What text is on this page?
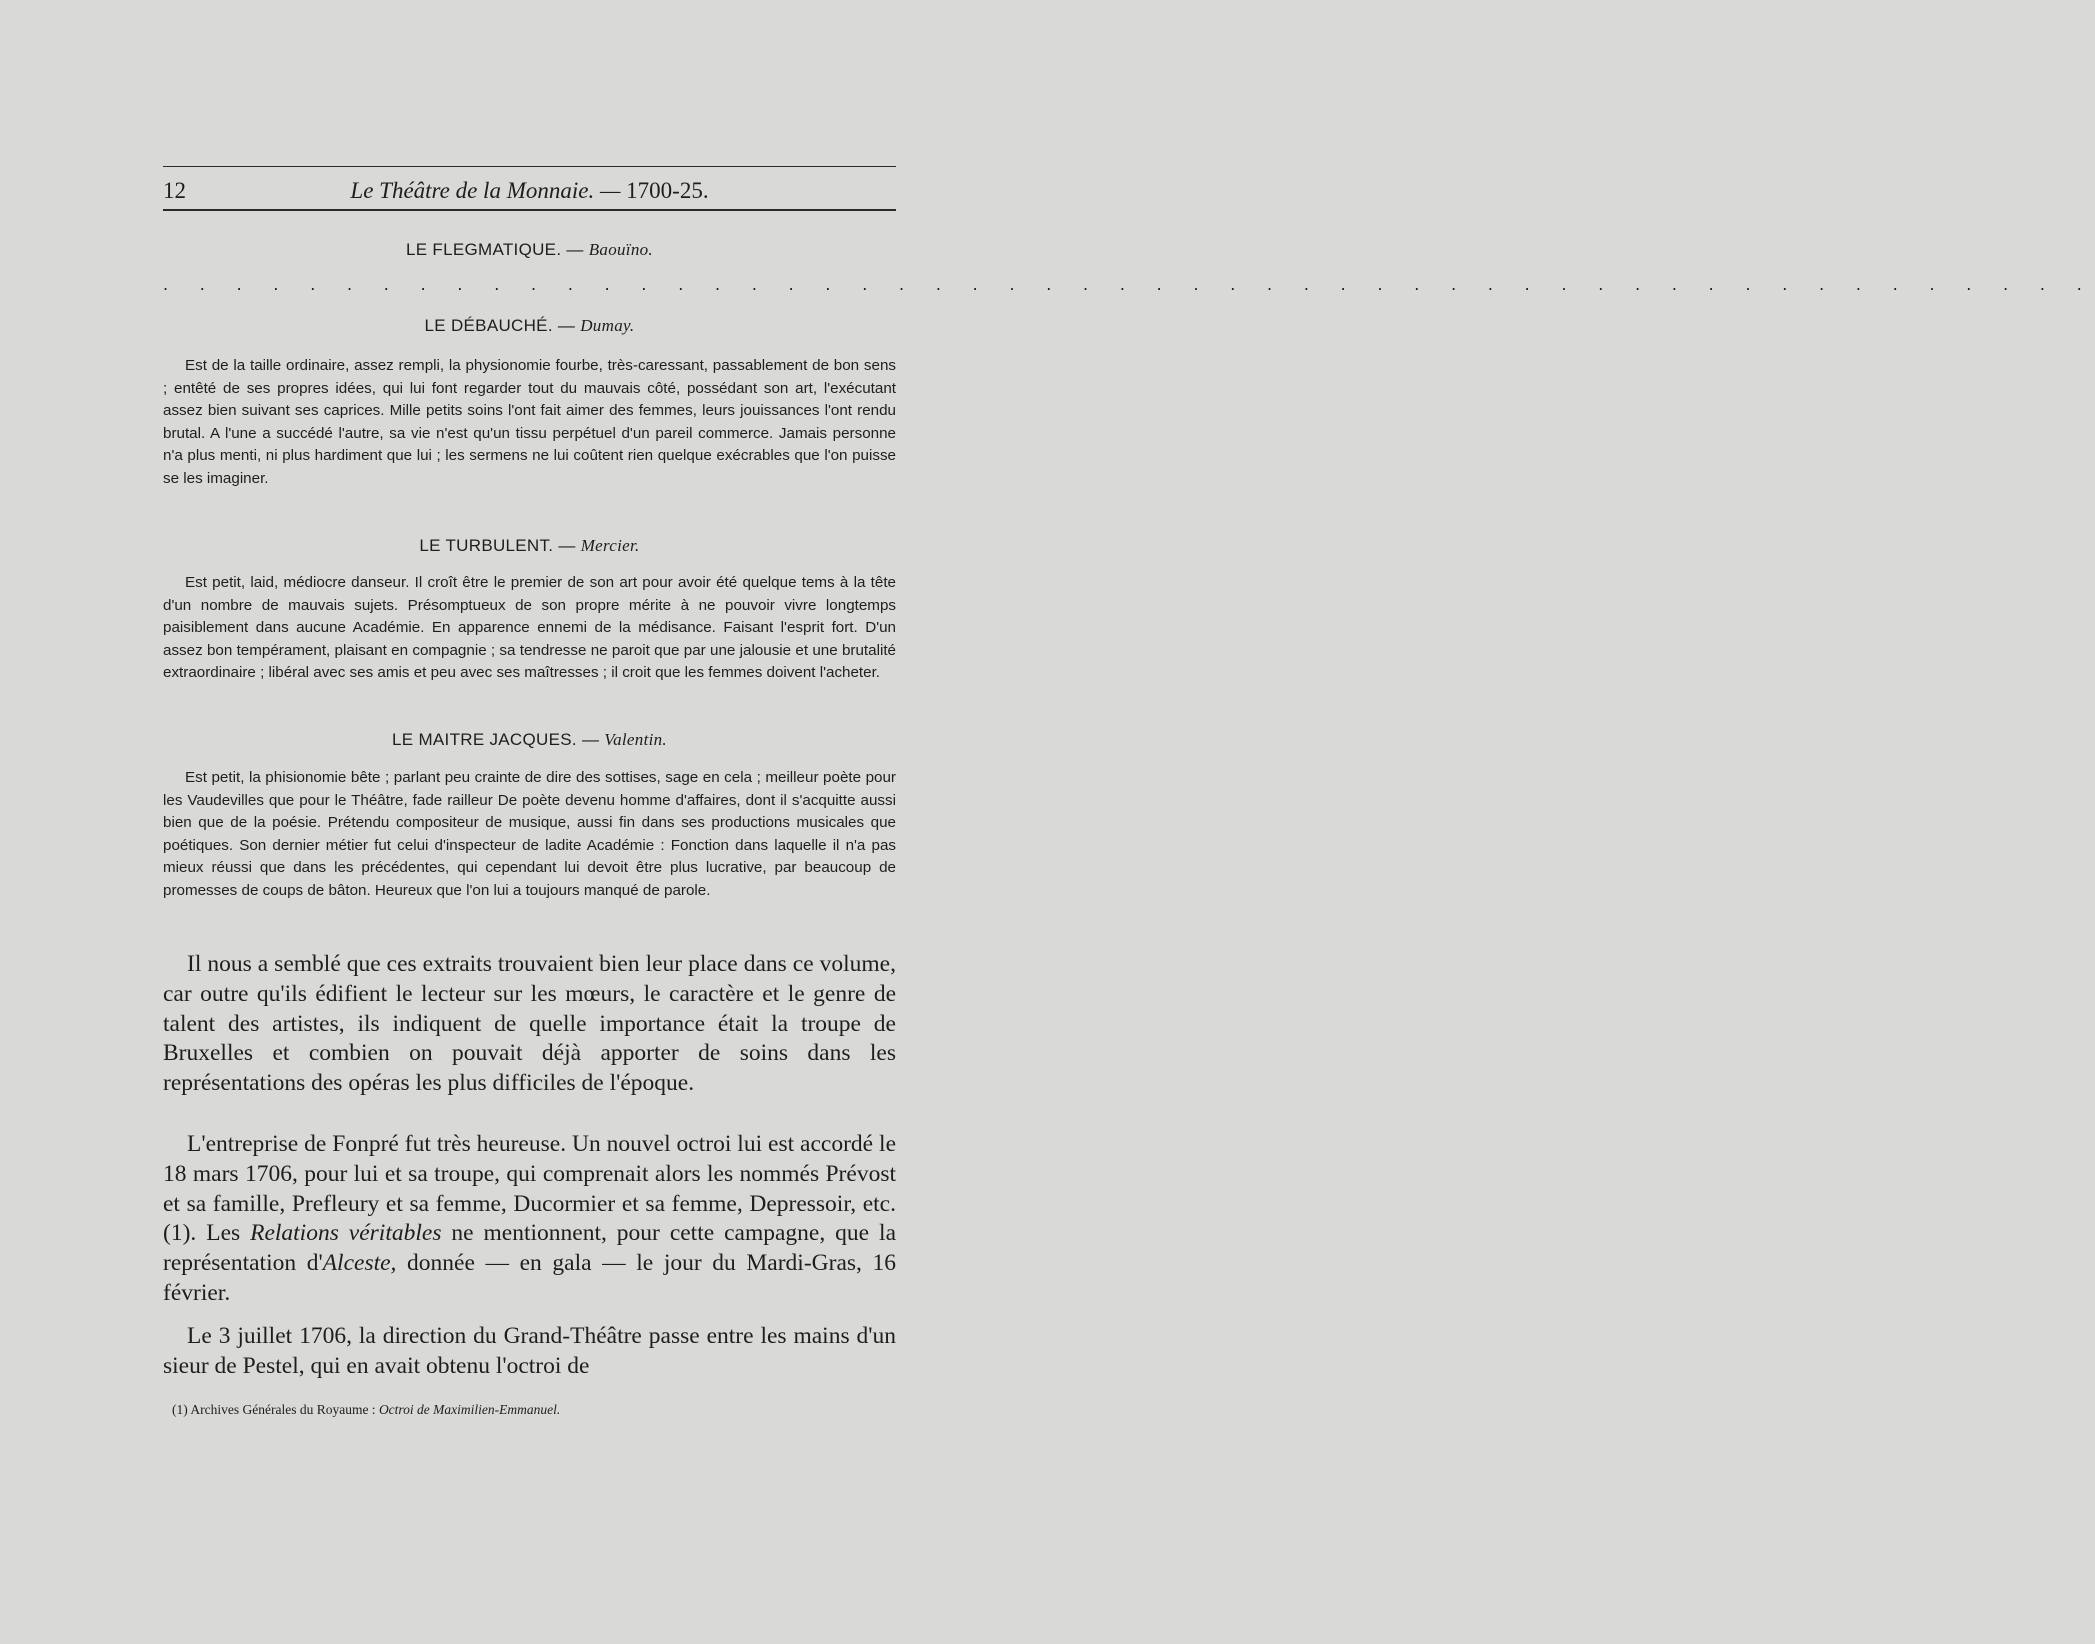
12	Le Théâtre de la Monnaie. — 1700-25.
LE FLEGMATIQUE. — Baouïno.
. . . . . . . . . . . . . . . . . . . . . . . . . . . . . . . . . . . . . . . . . . . . . . . . . . . . .
LE DÉBAUCHÉ. — Dumay.

Est de la taille ordinaire, assez rempli, la physionomie fourbe, très-caressant, passablement de bon sens ; entêté de ses propres idées, qui lui font regarder tout du mauvais côté, possédant son art, l'exécutant assez bien suivant ses caprices. Mille petits soins l'ont fait aimer des femmes, leurs jouissances l'ont rendu brutal. A l'une a succédé l'autre, sa vie n'est qu'un tissu perpétuel d'un pareil commerce. Jamais personne n'a plus menti, ni plus hardiment que lui ; les sermens ne lui coûtent rien quelque exécrables que l'on puisse se les imaginer.

LE TURBULENT. — Mercier.

Est petit, laid, médiocre danseur. Il croît être le premier de son art pour avoir été quelque tems à la tête d'un nombre de mauvais sujets. Présomptueux de son propre mérite à ne pouvoir vivre longtemps paisiblement dans aucune Académie. En apparence ennemi de la médisance. Faisant l'esprit fort. D'un assez bon tempérament, plaisant en compagnie ; sa tendresse ne paroit que par une jalousie et une brutalité extraordinaire ; libéral avec ses amis et peu avec ses maîtresses ; il croit que les femmes doivent l'acheter.

LE MAITRE JACQUES. — Valentin.

Est petit, la phisionomie bête ; parlant peu crainte de dire des sottises, sage en cela ; meilleur poète pour les Vaudevilles que pour le Théâtre, fade railleur De poète devenu homme d'affaires, dont il s'acquitte aussi bien que de la poésie. Prétendu compositeur de musique, aussi fin dans ses productions musicales que poétiques. Son dernier métier fut celui d'inspecteur de ladite Académie : Fonction dans laquelle il n'a pas mieux réussi que dans les précédentes, qui cependant lui devoit être plus lucrative, par beaucoup de promesses de coups de bâton. Heureux que l'on lui a toujours manqué de parole.

Il nous a semblé que ces extraits trouvaient bien leur place dans ce volume, car outre qu'ils édifient le lecteur sur les mœurs, le caractère et le genre de talent des artistes, ils indiquent de quelle importance était la troupe de Bruxelles et combien on pouvait déjà apporter de soins dans les représentations des opéras les plus difficiles de l'époque.

L'entreprise de Fonpré fut très heureuse. Un nouvel octroi lui est accordé le 18 mars 1706, pour lui et sa troupe, qui comprenait alors les nommés Prévost et sa famille, Prefleury et sa femme, Ducormier et sa femme, Depressoir, etc. (1). Les Relations véritables ne mentionnent, pour cette campagne, que la représentation d'Alceste, donnée — en gala — le jour du Mardi-Gras, 16 février.

Le 3 juillet 1706, la direction du Grand-Théâtre passe entre les mains d'un sieur de Pestel, qui en avait obtenu l'octroi de

(1) Archives Générales du Royaume : Octroi de Maximilien-Emmanuel.
